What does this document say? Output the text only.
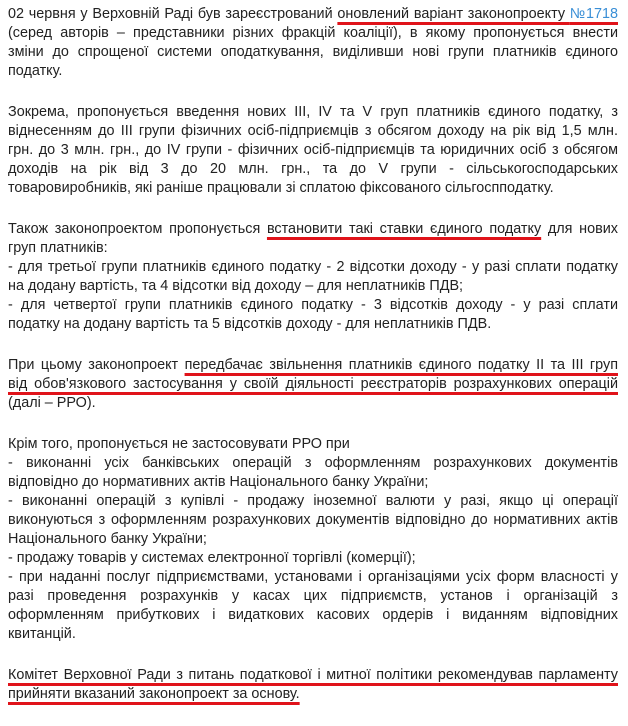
02 червня у Верховній Раді був зареєстрований оновлений варіант законопроекту №1718
(серед авторів – представники різних фракцій коаліції), в якому пропонується внести
зміни до спрощеної системи оподаткування, виділивши нові групи платників єдиного
податку.
Зокрема, пропонується введення нових ІІІ, IV та V груп платників єдиного податку, з
віднесенням до ІІІ групи фізичних осіб-підприємців з обсягом доходу на рік від 1,5 млн.
грн. до 3 млн. грн., до IV групи - фізичних осіб-підприємців та юридичних осіб з обсягом
доходів на рік від 3 до 20 млн. грн., та до V групи - сільськогосподарських
товаровиробників, які раніше працювали зі сплатою фіксованого сільгоспподатку.
Також законопроектом пропонується встановити такі ставки єдиного податку для нових
груп платників:
- для третьої групи платників єдиного податку - 2 відсотки доходу - у разі сплати податку
на додану вартість, та 4 відсотки від доходу – для неплатників ПДВ;
- для четвертої групи платників єдиного податку - 3 відсотків доходу - у разі сплати
податку на додану вартість та 5 відсотків доходу - для неплатників ПДВ.
При цьому законопроект передбачає звільнення платників єдиного податку ІІ та ІІІ груп
від обов'язкового застосування у своїй діяльності реєстраторів розрахункових операцій
(далі – РРО).
Крім того, пропонується не застосовувати РРО при
- виконанні усіх банківських операцій з оформленням розрахункових документів
відповідно до нормативних актів Національного банку України;
- виконанні операцій з купівлі - продажу іноземної валюти у разі, якщо ці операції
виконуються з оформленням розрахункових документів відповідно до нормативних актів
Національного банку України;
- продажу товарів у системах електронної торгівлі (комерції);
- при наданні послуг підприємствами, установами і організаціями усіх форм власності у
разі проведення розрахунків у касах цих підприємств, установ і організацій з
оформленням прибуткових і видаткових касових ордерів і виданням відповідних
квитанцій.
Комітет Верховної Ради з питань податкової і митної політики рекомендував парламенту
прийняти вказаний законопроект за основу.
